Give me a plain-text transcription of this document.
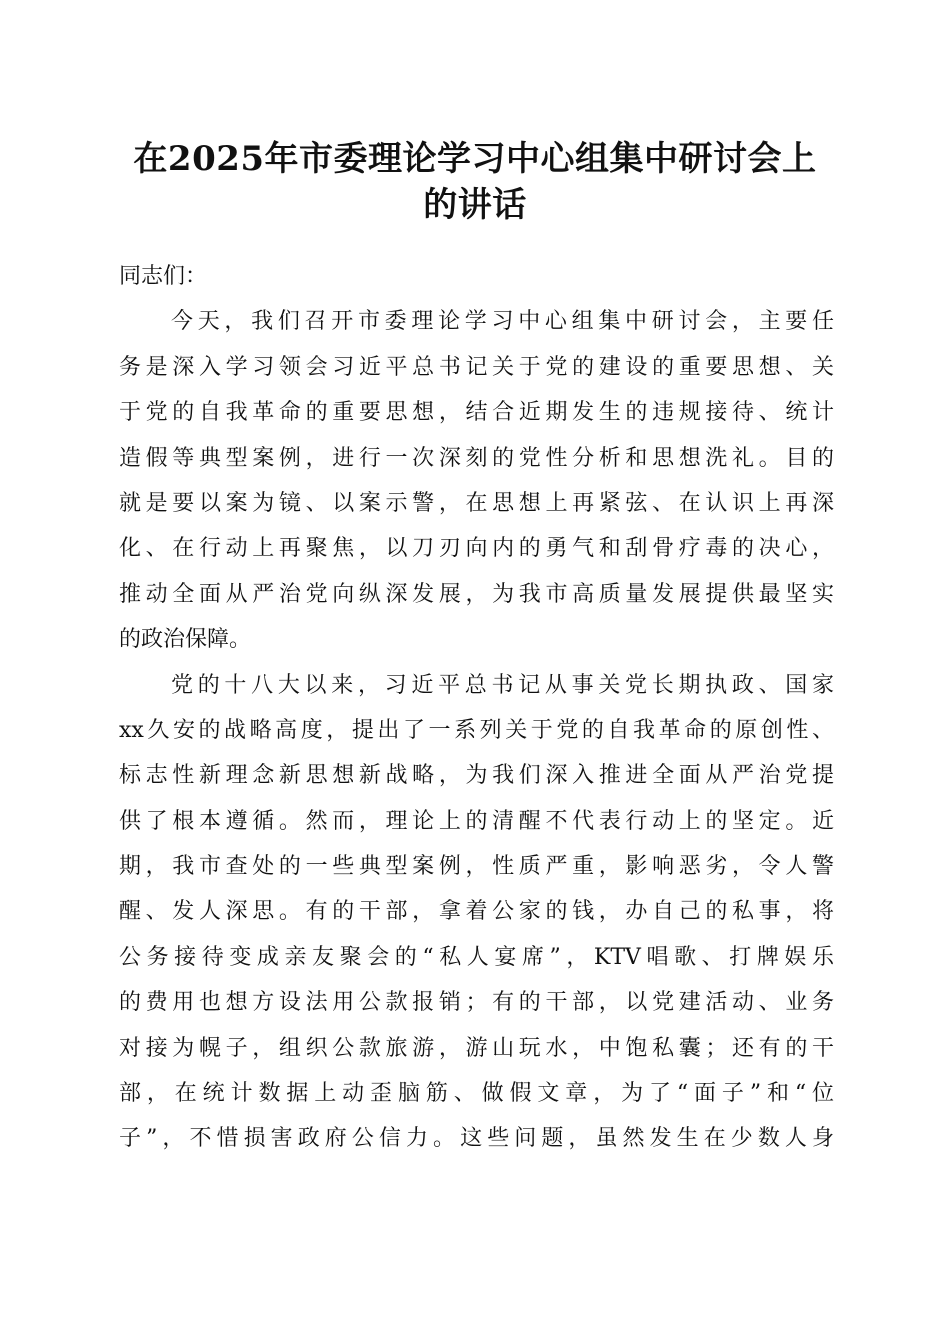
在2025年市委理论学习中心组集中研讨会上
的讲话
同志们：
今天，我们召开市委理论学习中心组集中研讨会，主要任
务是深入学习领会习近平总书记关于党的建设的重要思想、关
于党的自我革命的重要思想，结合近期发生的违规接待、统计
造假等典型案例，进行一次深刻的党性分析和思想洗礼。目的
就是要以案为镜、以案示警，在思想上再紧弦、在认识上再深
化、在行动上再聚焦，以刀刃向内的勇气和刮骨疗毒的决心，
推动全面从严治党向纵深发展，为我市高质量发展提供最坚实
的政治保障。
党的十八大以来，习近平总书记从事关党长期执政、国家
xx久安的战略高度，提出了一系列关于党的自我革命的原创性、
标志性新理念新思想新战略，为我们深入推进全面从严治党提
供了根本遵循。然而，理论上的清醒不代表行动上的坚定。近
期，我市查处的一些典型案例，性质严重，影响恶劣，令人警
醒、发人深思。有的干部，拿着公家的钱，办自己的私事，将
公务接待变成亲友聚会的“私人宴席”，KTV唱歌、打牌娱乐
的费用也想方设法用公款报销；有的干部，以党建活动、业务
对接为幌子，组织公款旅游，游山玩水，中饱私囊；还有的干
部，在统计数据上动歪脑筋、做假文章，为了“面子”和“位
子”，不惜损害政府公信力。这些问题，虽然发生在少数人身
